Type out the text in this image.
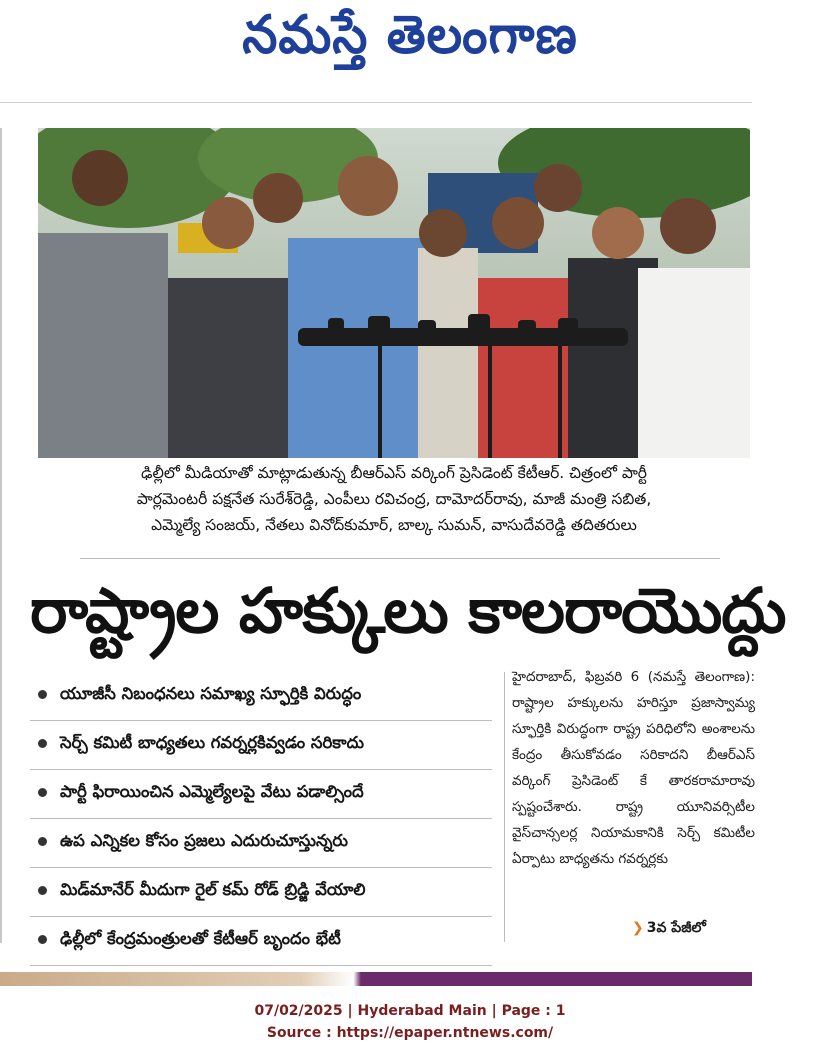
నమస్తే తెలంగాణ
ఢిల్లీలో మీడియాతో మాట్లాడుతున్న బీఆర్‌ఎస్ వర్కింగ్ ప్రెసిడెంట్ కేటీఆర్. చిత్రంలో పార్టీ
పార్లమెంటరీ పక్షనేత సురేశ్‌రెడ్డి, ఎంపీలు రవిచంద్ర, దామోదర్‌రావు, మాజీ మంత్రి సబిత,
ఎమ్మెల్యే సంజయ్, నేతలు వినోద్‌కుమార్, బాల్క సుమన్, వాసుదేవరెడ్డి తదితరులు
రాష్ట్రాల హక్కులు కాలరాయొద్దు
యూజీసీ నిబంధనలు సమాఖ్య స్ఫూర్తికి విరుద్ధం
సెర్చ్ కమిటీ బాధ్యతలు గవర్నర్లకివ్వడం సరికాదు
పార్టీ ఫిరాయించిన ఎమ్మెల్యేలపై వేటు పడాల్సిందే
ఉప ఎన్నికల కోసం ప్రజలు ఎదురుచూస్తున్నరు
మిడ్‌మానేర్ మీదుగా రైల్ కమ్ రోడ్ బ్రిడ్జి వేయాలి
ఢిల్లీలో కేంద్రమంత్రులతో కేటీఆర్ బృందం భేటీ

హైదరాబాద్, ఫిబ్రవరి 6 (నమస్తే తెలంగాణ): రాష్ట్రాల హక్కులను హరిస్తూ ప్రజాస్వామ్య స్ఫూర్తికి విరుద్ధంగా రాష్ట్ర పరిధిలోని అంశాలను కేంద్రం తీసుకోవడం సరికాదని బీఆర్‌ఎస్ వర్కింగ్ ప్రెసిడెంట్ కే తారకరామారావు స్పష్టంచేశారు. రాష్ట్ర యూనివర్సిటీల వైస్‌చాన్సలర్ల నియామకానికి సెర్చ్ కమిటీల ఏర్పాటు బాధ్యతను గవర్నర్లకు

❯ 3వ పేజీలో
07/02/2025 | Hyderabad Main | Page : 1
Source : https://epaper.ntnews.com/
